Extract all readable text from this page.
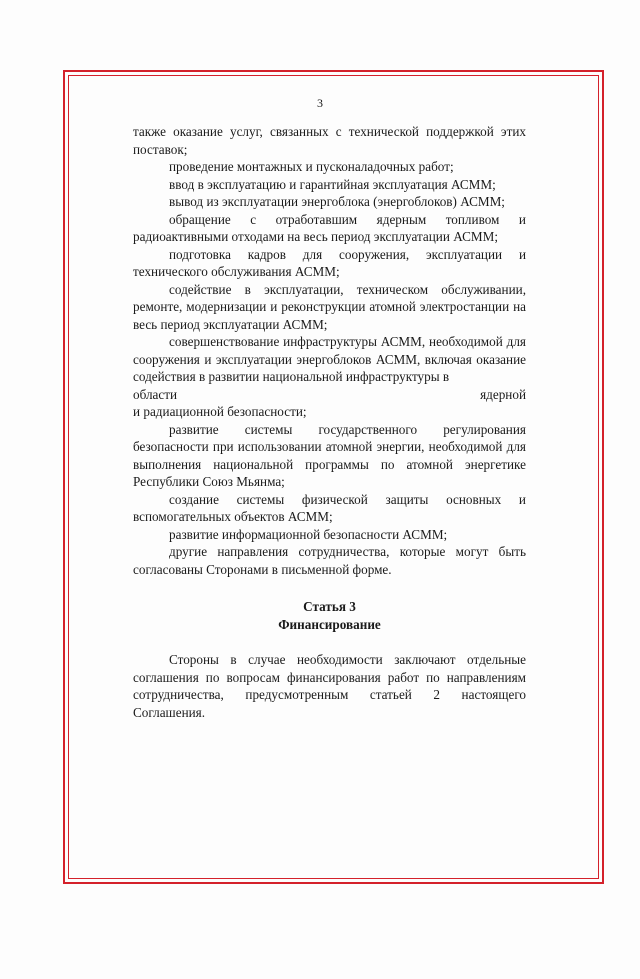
3

также оказание услуг, связанных с технической поддержкой этих поставок;

проведение монтажных и пусконаладочных работ;

ввод в эксплуатацию и гарантийная эксплуатация АСММ;

вывод из эксплуатации энергоблока (энергоблоков) АСММ;

обращение с отработавшим ядерным топливом и радиоактивными отходами на весь период эксплуатации АСММ;

подготовка кадров для сооружения, эксплуатации и технического обслуживания АСММ;

содействие в эксплуатации, техническом обслуживании, ремонте, модернизации и реконструкции атомной электростанции на весь период эксплуатации АСММ;

совершенствование инфраструктуры АСММ, необходимой для сооружения и эксплуатации энергоблоков АСММ, включая оказание содействия в развитии национальной инфраструктуры в

области ядерной

и радиационной безопасности;

развитие системы государственного регулирования безопасности при использовании атомной энергии, необходимой для выполнения национальной программы по атомной энергетике Республики Союз Мьянма;

создание системы физической защиты основных и вспомогательных объектов АСММ;

развитие информационной безопасности АСММ;

другие направления сотрудничества, которые могут быть согласованы Сторонами в письменной форме.

Статья 3

Финансирование

Стороны в случае необходимости заключают отдельные соглашения по вопросам финансирования работ по направлениям сотрудничества, предусмотренным статьей 2 настоящего Соглашения.
